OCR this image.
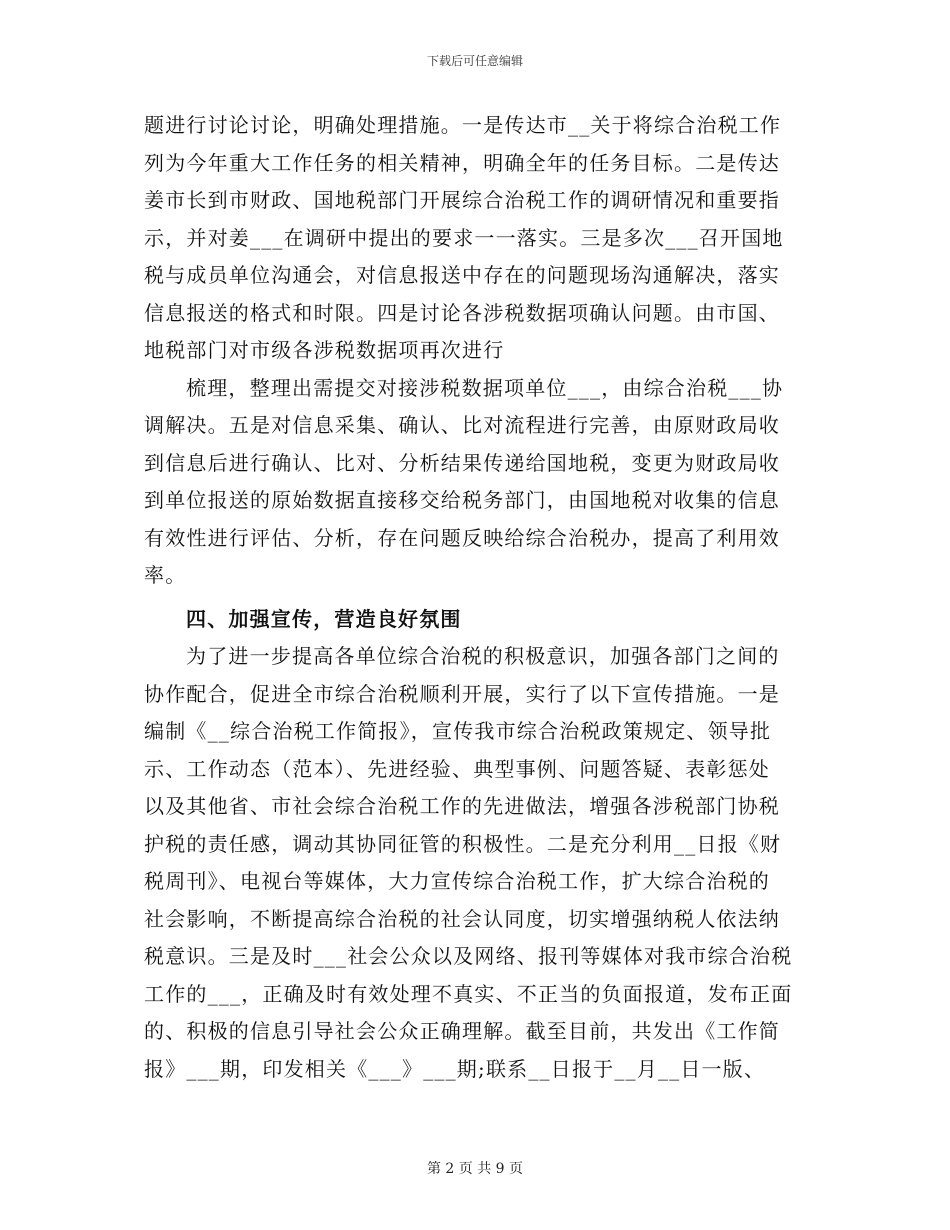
下载后可任意编辑
题进行讨论讨论，明确处理措施。一是传达市__关于将综合治税工作
列为今年重大工作任务的相关精神，明确全年的任务目标。二是传达
姜市长到市财政、国地税部门开展综合治税工作的调研情况和重要指
示，并对姜___在调研中提出的要求一一落实。三是多次___召开国地
税与成员单位沟通会，对信息报送中存在的问题现场沟通解决，落实
信息报送的格式和时限。四是讨论各涉税数据项确认问题。由市国、
地税部门对市级各涉税数据项再次进行
梳理，整理出需提交对接涉税数据项单位___，由综合治税___协
调解决。五是对信息采集、确认、比对流程进行完善，由原财政局收
到信息后进行确认、比对、分析结果传递给国地税，变更为财政局收
到单位报送的原始数据直接移交给税务部门，由国地税对收集的信息
有效性进行评估、分析，存在问题反映给综合治税办，提高了利用效
率。
四、加强宣传，营造良好氛围
为了进一步提高各单位综合治税的积极意识，加强各部门之间的
协作配合，促进全市综合治税顺利开展，实行了以下宣传措施。一是
编制《__综合治税工作简报》，宣传我市综合治税政策规定、领导批
示、工作动态（范本）、先进经验、典型事例、问题答疑、表彰惩处
以及其他省、市社会综合治税工作的先进做法，增强各涉税部门协税
护税的责任感，调动其协同征管的积极性。二是充分利用__日报《财
税周刊》、电视台等媒体，大力宣传综合治税工作，扩大综合治税的
社会影响，不断提高综合治税的社会认同度，切实增强纳税人依法纳
税意识。三是及时___社会公众以及网络、报刊等媒体对我市综合治税
工作的___，正确及时有效处理不真实、不正当的负面报道，发布正面
的、积极的信息引导社会公众正确理解。截至目前，共发出《工作简
报》___期，印发相关《___》___期;联系__日报于__月__日一版、
第 2 页 共 9 页
